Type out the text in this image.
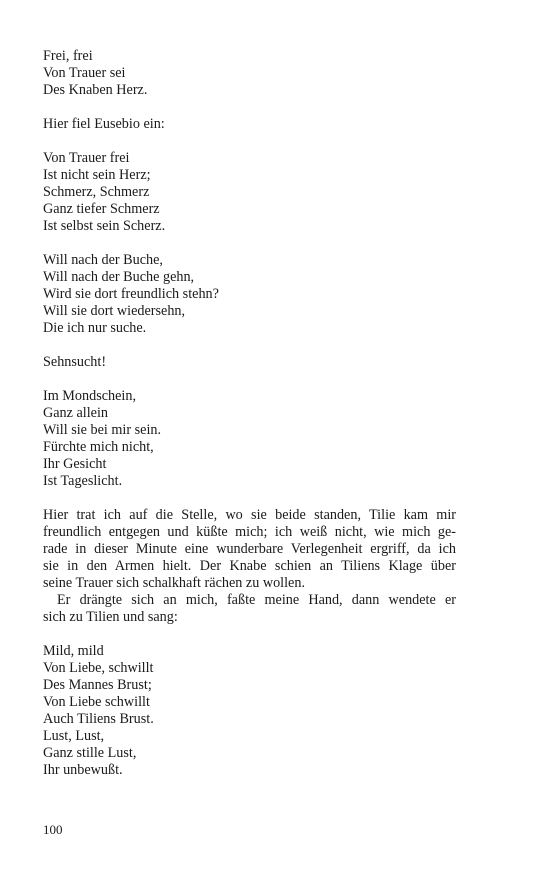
Frei, frei
Von Trauer sei
Des Knaben Herz.
Hier fiel Eusebio ein:
Von Trauer frei
Ist nicht sein Herz;
Schmerz, Schmerz
Ganz tiefer Schmerz
Ist selbst sein Scherz.
Will nach der Buche,
Will nach der Buche gehn,
Wird sie dort freundlich stehn?
Will sie dort wiedersehn,
Die ich nur suche.
Sehnsucht!
Im Mondschein,
Ganz allein
Will sie bei mir sein.
Fürchte mich nicht,
Ihr Gesicht
Ist Tageslicht.

Hier trat ich auf die Stelle, wo sie beide standen, Tilie kam mir
freundlich entgegen und küßte mich; ich weiß nicht, wie mich ge-
rade in dieser Minute eine wunderbare Verlegenheit ergriff, da ich
sie in den Armen hielt. Der Knabe schien an Tiliens Klage über
seine Trauer sich schalkhaft rächen zu wollen.

Er drängte sich an mich, faßte meine Hand, dann wendete er
sich zu Tilien und sang:

Mild, mild
Von Liebe, schwillt
Des Mannes Brust;
Von Liebe schwillt
Auch Tiliens Brust.
Lust, Lust,
Ganz stille Lust,
Ihr unbewußt.
100
